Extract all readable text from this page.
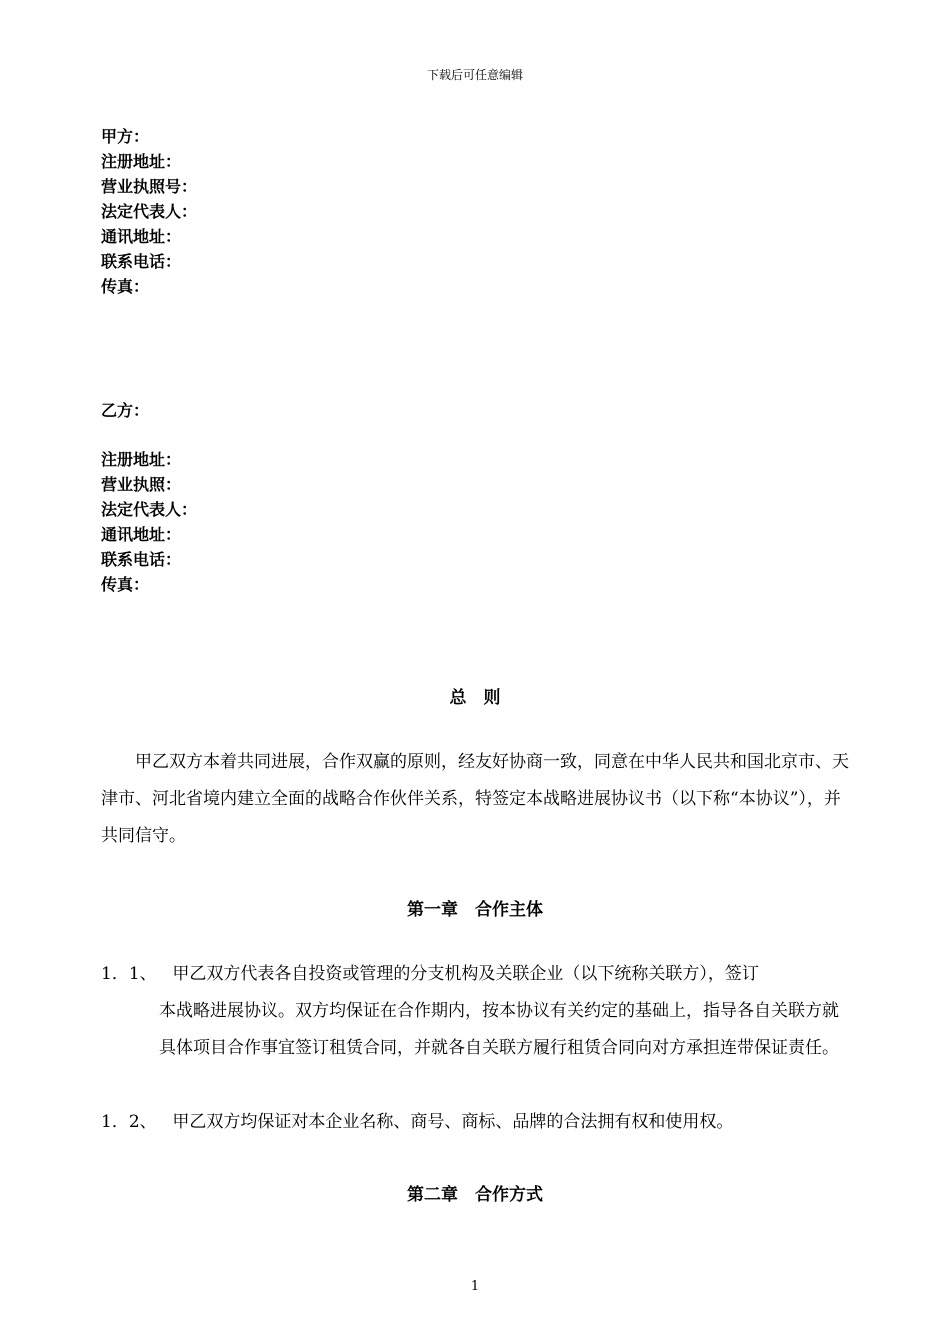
下载后可任意编辑
甲方：
注册地址：
营业执照号：
法定代表人：
通讯地址：
联系电话：
传真：
乙方：
注册地址：
营业执照：
法定代表人：
通讯地址：
联系电话：
传真：
总　则
甲乙双方本着共同进展，合作双赢的原则，经友好协商一致，同意在中华人民共和国北京市、天津市、河北省境内建立全面的战略合作伙伴关系，特签定本战略进展协议书（以下称“本协议”），并共同信守。
第一章　合作主体
1．1、 甲乙双方代表各自投资或管理的分支机构及关联企业（以下统称关联方），签订
本战略进展协议。双方均保证在合作期内，按本协议有关约定的基础上，指导各自关联方就具体项目合作事宜签订租赁合同，并就各自关联方履行租赁合同向对方承担连带保证责任。
1．2、 甲乙双方均保证对本企业名称、商号、商标、品牌的合法拥有权和使用权。
第二章　合作方式
1
